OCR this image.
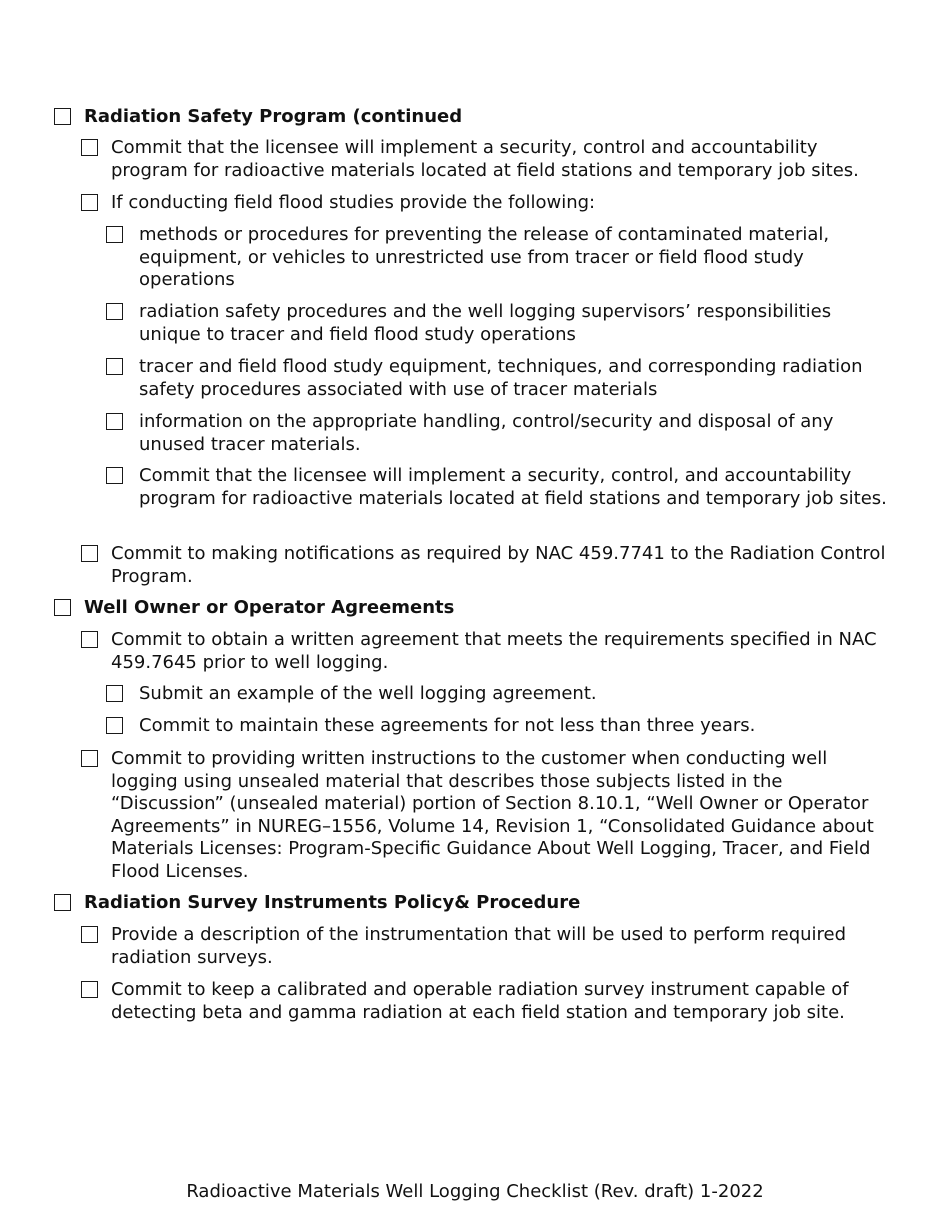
Radiation Safety Program (continued
Commit that the licensee will implement a security, control and accountability program for radioactive materials located at field stations and temporary job sites.
If conducting field flood studies provide the following:
methods or procedures for preventing the release of contaminated material, equipment, or vehicles to unrestricted use from tracer or field flood study operations
radiation safety procedures and the well logging supervisors’ responsibilities unique to tracer and field flood study operations
tracer and field flood study equipment, techniques, and corresponding radiation safety procedures associated with use of tracer materials
information on the appropriate handling, control/security and disposal of any unused tracer materials.
Commit that the licensee will implement a security, control, and accountability program for radioactive materials located at field stations and temporary job sites.
Commit to making notifications as required by NAC 459.7741 to the Radiation Control Program.
Well Owner or Operator Agreements
Commit to obtain a written agreement that meets the requirements specified in NAC 459.7645 prior to well logging.
Submit an example of the well logging agreement.
Commit to maintain these agreements for not less than three years.
Commit to providing written instructions to the customer when conducting well logging using unsealed material that describes those subjects listed in the “Discussion” (unsealed material) portion of Section 8.10.1, “Well Owner or Operator Agreements” in NUREG–1556, Volume 14, Revision 1, “Consolidated Guidance about Materials Licenses: Program-Specific Guidance About Well Logging, Tracer, and Field Flood Licenses.
Radiation Survey Instruments Policy& Procedure
Provide a description of the instrumentation that will be used to perform required radiation surveys.
Commit to keep a calibrated and operable radiation survey instrument capable of detecting beta and gamma radiation at each field station and temporary job site.
Radioactive Materials Well Logging Checklist (Rev. draft) 1-2022
